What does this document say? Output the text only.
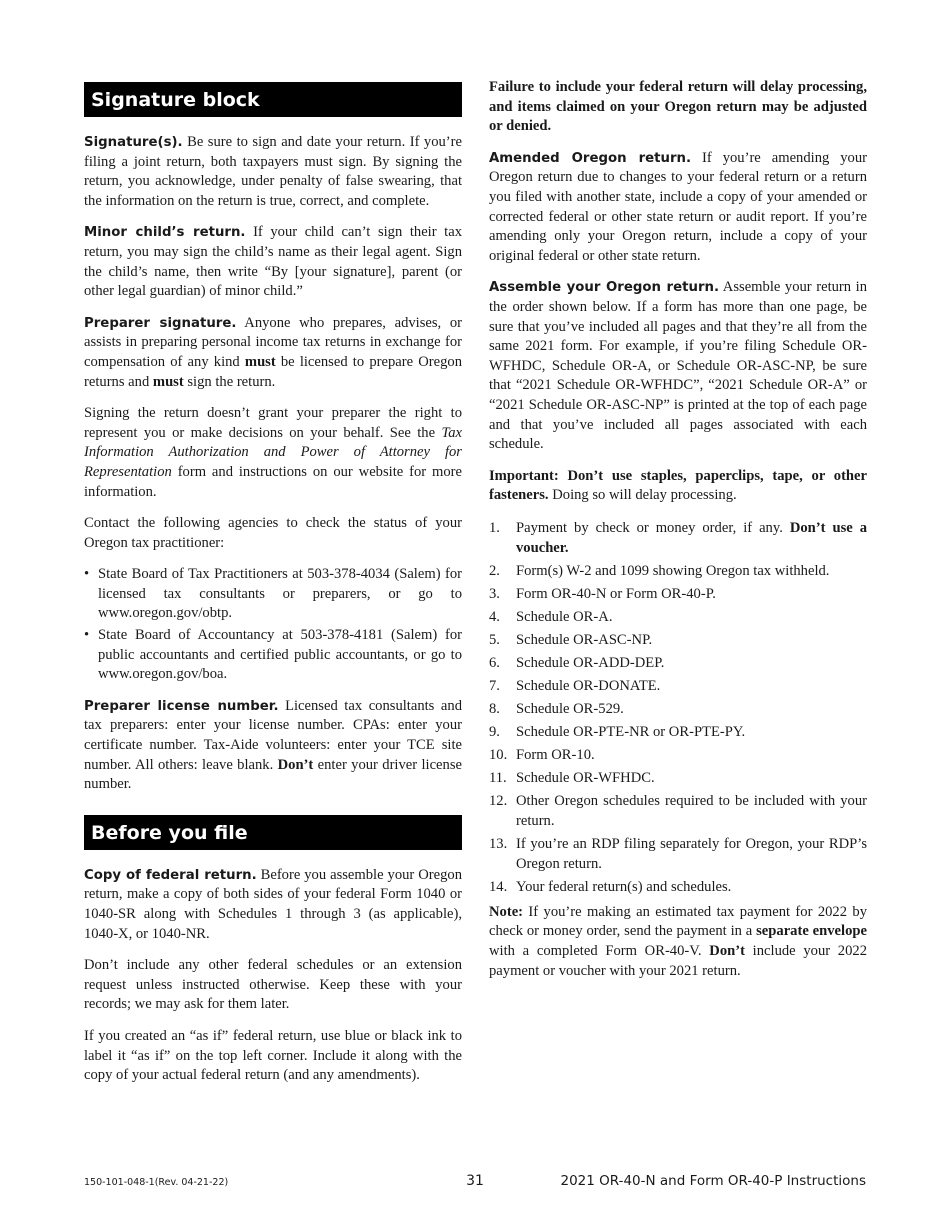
Signature block

Signature(s). Be sure to sign and date your return. If you’re filing a joint return, both taxpayers must sign. By signing the return, you acknowledge, under penalty of false swearing, that the information on the return is true, correct, and complete.

Minor child’s return. If your child can’t sign their tax return, you may sign the child’s name as their legal agent. Sign the child’s name, then write “By [your signature], parent (or other legal guardian) of minor child.”

Preparer signature. Anyone who prepares, advises, or assists in preparing personal income tax returns in exchange for compensation of any kind must be licensed to prepare Oregon returns and must sign the return.

Signing the return doesn’t grant your preparer the right to represent you or make decisions on your behalf. See the Tax Information Authorization and Power of Attorney for Representation form and instructions on our website for more information.

Contact the following agencies to check the status of your Oregon tax practitioner:

• State Board of Tax Practitioners at 503-378-4034 (Salem) for licensed tax consultants or preparers, or go to www.oregon.gov/obtp.
• State Board of Accountancy at 503-378-4181 (Salem) for public accountants and certified public accountants, or go to www.oregon.gov/boa.

Preparer license number. Licensed tax consultants and tax preparers: enter your license number. CPAs: enter your certificate number. Tax-Aide volunteers: enter your TCE site number. All others: leave blank. Don’t enter your driver license number.

Before you file

Copy of federal return. Before you assemble your Oregon return, make a copy of both sides of your federal Form 1040 or 1040-SR along with Schedules 1 through 3 (as applicable), 1040-X, or 1040-NR.

Don’t include any other federal schedules or an extension request unless instructed otherwise. Keep these with your records; we may ask for them later.

If you created an “as if” federal return, use blue or black ink to label it “as if” on the top left corner. Include it along with the copy of your actual federal return (and any amendments).

Failure to include your federal return will delay processing, and items claimed on your Oregon return may be adjusted or denied.

Amended Oregon return. If you’re amending your Oregon return due to changes to your federal return or a return you filed with another state, include a copy of your amended or corrected federal or other state return or audit report. If you’re amending only your Oregon return, include a copy of your original federal or other state return.

Assemble your Oregon return. Assemble your return in the order shown below. If a form has more than one page, be sure that you’ve included all pages and that they’re all from the same 2021 form. For example, if you’re filing Schedule OR-WFHDC, Schedule OR-A, or Schedule OR-ASC-NP, be sure that “2021 Schedule OR-WFHDC”, “2021 Schedule OR-A” or “2021 Schedule OR-ASC-NP” is printed at the top of each page and that you’ve included all pages associated with each schedule.

Important: Don’t use staples, paperclips, tape, or other fasteners. Doing so will delay processing.

1. Payment by check or money order, if any. Don’t use a voucher.
2. Form(s) W-2 and 1099 showing Oregon tax withheld.
3. Form OR-40-N or Form OR-40-P.
4. Schedule OR-A.
5. Schedule OR-ASC-NP.
6. Schedule OR-ADD-DEP.
7. Schedule OR-DONATE.
8. Schedule OR-529.
9. Schedule OR-PTE-NR or OR-PTE-PY.
10. Form OR-10.
11. Schedule OR-WFHDC.
12. Other Oregon schedules required to be included with your return.
13. If you’re an RDP filing separately for Oregon, your RDP’s Oregon return.
14. Your federal return(s) and schedules.

Note: If you’re making an estimated tax payment for 2022 by check or money order, send the payment in a separate envelope with a completed Form OR-40-V. Don’t include your 2022 payment or voucher with your 2021 return.

150-101-048-1(Rev. 04-21-22)	31	2021 OR-40-N and Form OR-40-P Instructions
